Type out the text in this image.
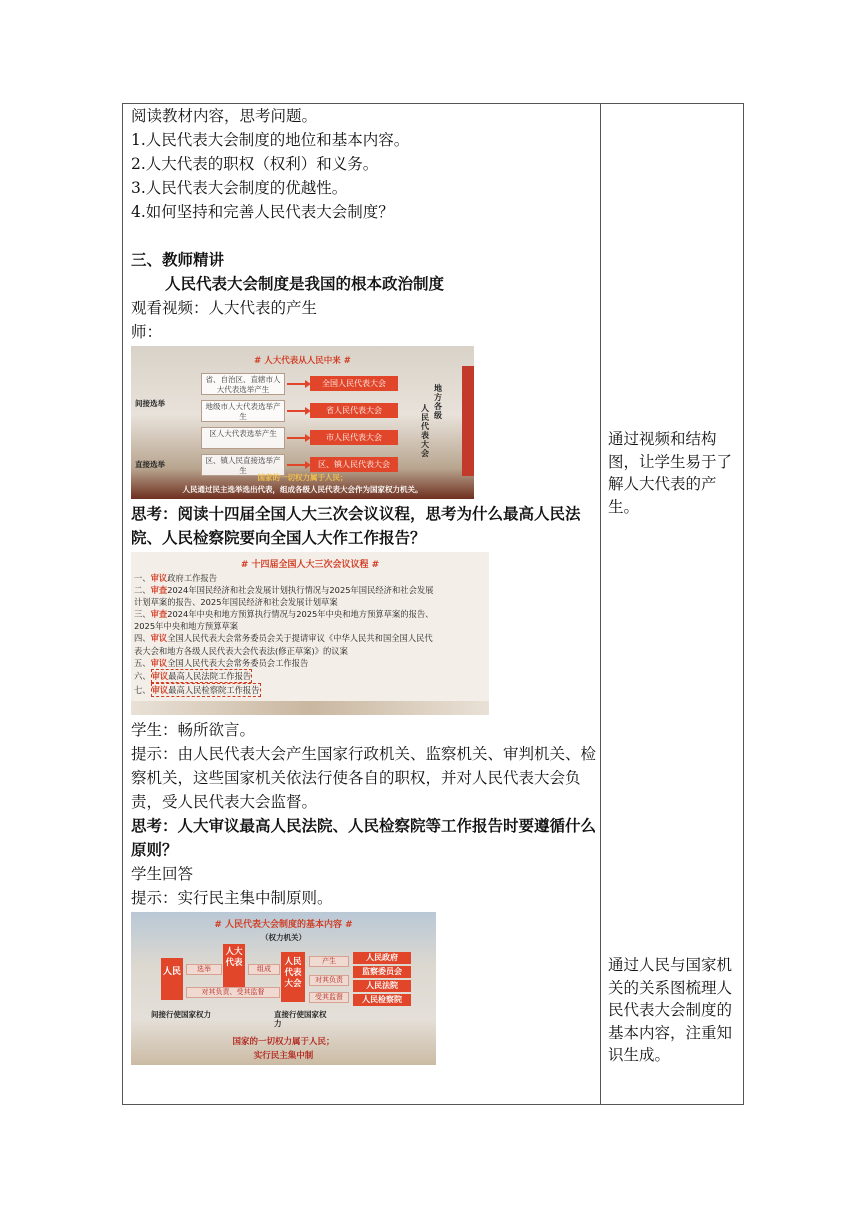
阅读教材内容，思考问题。
1.人民代表大会制度的地位和基本内容。
2.人大代表的职权（权利）和义务。
3.人民代表大会制度的优越性。
4.如何坚持和完善人民代表大会制度？
三、教师精讲
人民代表大会制度是我国的根本政治制度
观看视频：人大代表的产生
师：
# 人大代表从人民中来 #
间接选举
直接选举
省、自治区、直辖市人大代表选举产生
地级市人大代表选举产生
区人大代表选举产生
区、镇人民直接选举产生
全国人民代表大会
省人民代表大会
市人民代表大会
区、镇人民代表大会
人民代表大会
地方各级
国家的一切权力属于人民；
人民通过民主选举选出代表，组成各级人民代表大会作为国家权力机关。
思考：阅读十四届全国人大三次会议议程，思考为什么最高人民法院、人民检察院要向全国人大作工作报告？
# 十四届全国人大三次会议议程 #
一、审议政府工作报告
二、审查2024年国民经济和社会发展计划执行情况与2025年国民经济和社会发展
计划草案的报告、2025年国民经济和社会发展计划草案
三、审查2024年中央和地方预算执行情况与2025年中央和地方预算草案的报告、
2025年中央和地方预算草案
四、审议全国人民代表大会常务委员会关于提请审议《中华人民共和国全国人民代
表大会和地方各级人民代表大会代表法(修正草案)》的议案
五、审议全国人民代表大会常务委员会工作报告
六、审议最高人民法院工作报告
七、审议最高人民检察院工作报告
学生：畅所欲言。
提示：由人民代表大会产生国家行政机关、监察机关、审判机关、检察机关，这些国家机关依法行使各自的职权，并对人民代表大会负责，受人民代表大会监督。
思考：人大审议最高人民法院、人民检察院等工作报告时要遵循什么原则？
学生回答
提示：实行民主集中制原则。
# 人民代表大会制度的基本内容 #
（权力机关）
人民
人大代表	人民代表大会
人民政府
监察委员会
人民法院
人民检察院
选举	组成
产生
对其负责、受其监督
对其负责
受其监督
间接行使国家权力	直接行使国家权力
国家的一切权力属于人民；
实行民主集中制
通过视频和结构图，让学生易于了解人大代表的产生。
通过人民与国家机关的关系图梳理人民代表大会制度的基本内容，注重知识生成。
